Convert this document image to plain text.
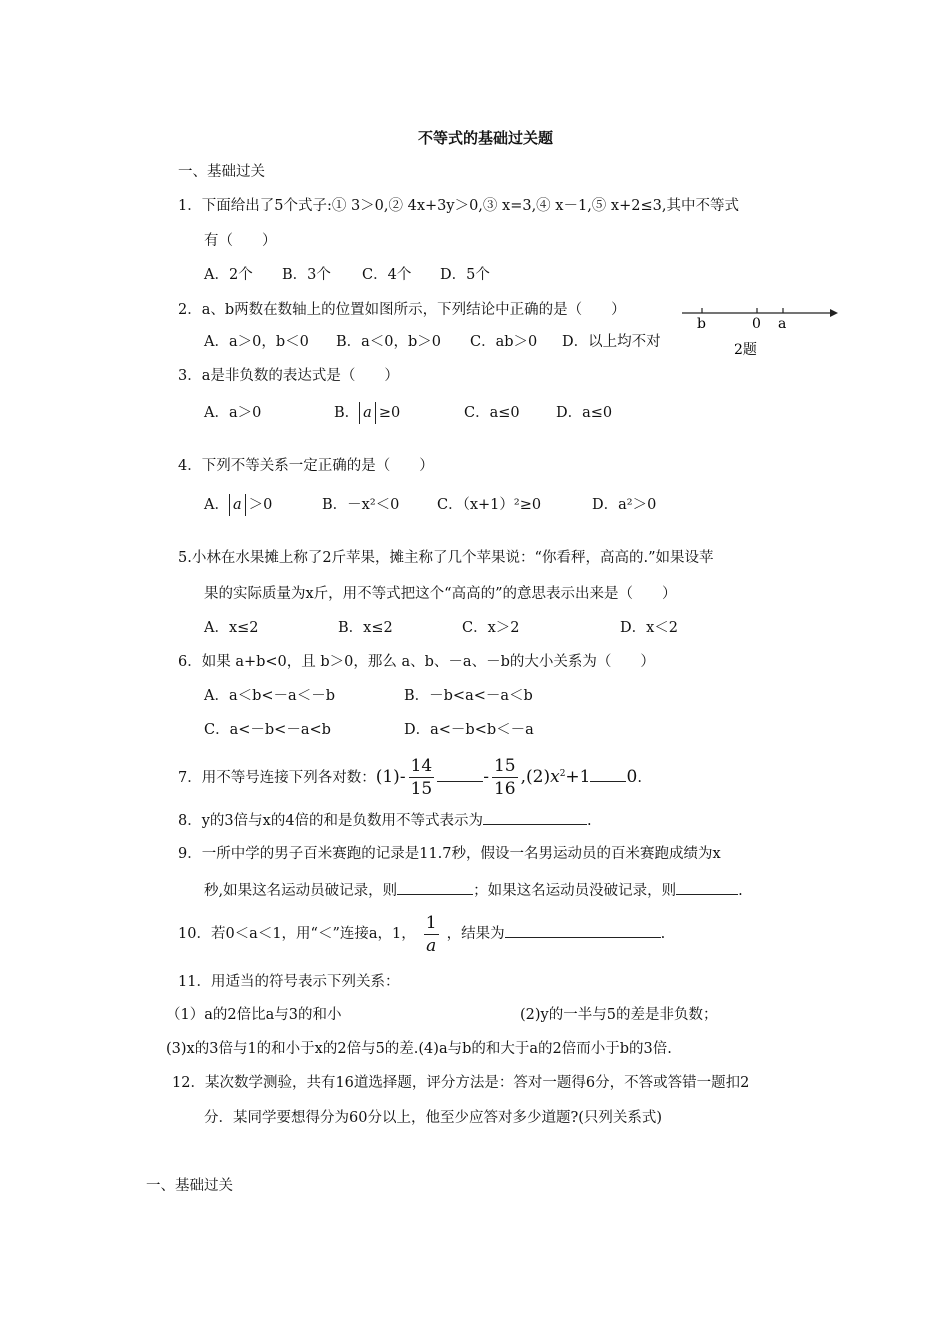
不等式的基础过关题
一、基础过关
1．下面给出了5个式子:① 3＞0,② 4x+3y＞0,③ x=3,④ x－1,⑤ x+2≤3,其中不等式
有（　　）
A．2个 B．3个 C．4个 D．5个
2．a、b两数在数轴上的位置如图所示，下列结论中正确的是（　　）
A．a＞0，b＜0 B．a＜0，b＞0 C．ab＞0 D．以上均不对
b	0 a
2题
3．a是非负数的表达式是（　　）
A．a＞0	B． a ≥0	C．a≤0	D．a≤0
4．下列不等关系一定正确的是（　　）
A． a ＞0	B．－x²＜0	C．（x+1）²≥0	D．a²＞0
5.小林在水果摊上称了2斤苹果，摊主称了几个苹果说：“你看秤，高高的.”如果设苹
果的实际质量为x斤，用不等式把这个“高高的”的意思表示出来是（　　）
A．x≤2	B．x≤2	C．x＞2	D．x＜2
6．如果 a+b<0，且 b＞0，那么 a、b、－a、－b的大小关系为（　　）
A．a＜b<－a＜－b	B．－b<a<－a＜b
C．a<－b<－a<b	D．a<－b<b＜－a
7．用不等号连接下列各对数：$(1)- \frac{14}{15}$	- $\frac{15}{16} ,(2)x^2+1$ 0.
8．y的3倍与x的4倍的和是负数用不等式表示为	.
9．一所中学的男子百米赛跑的记录是11.7秒，假设一名男运动员的百米赛跑成绩为x
秒,如果这名运动员破记录，则	；如果这名运动员没破记录，则	.
10．若0＜a＜1，用“＜”连接a，1， $\frac{1}{a}$ ，结果为	.
11．用适当的符号表示下列关系：
（1）a的2倍比a与3的和小	(2)y的一半与5的差是非负数；
(3)x的3倍与1的和小于x的2倍与5的差.(4)a与b的和大于a的2倍而小于b的3倍.
12．某次数学测验，共有16道选择题，评分方法是：答对一题得6分，不答或答错一题扣2
分．某同学要想得分为60分以上，他至少应答对多少道题?(只列关系式)
一、基础过关
